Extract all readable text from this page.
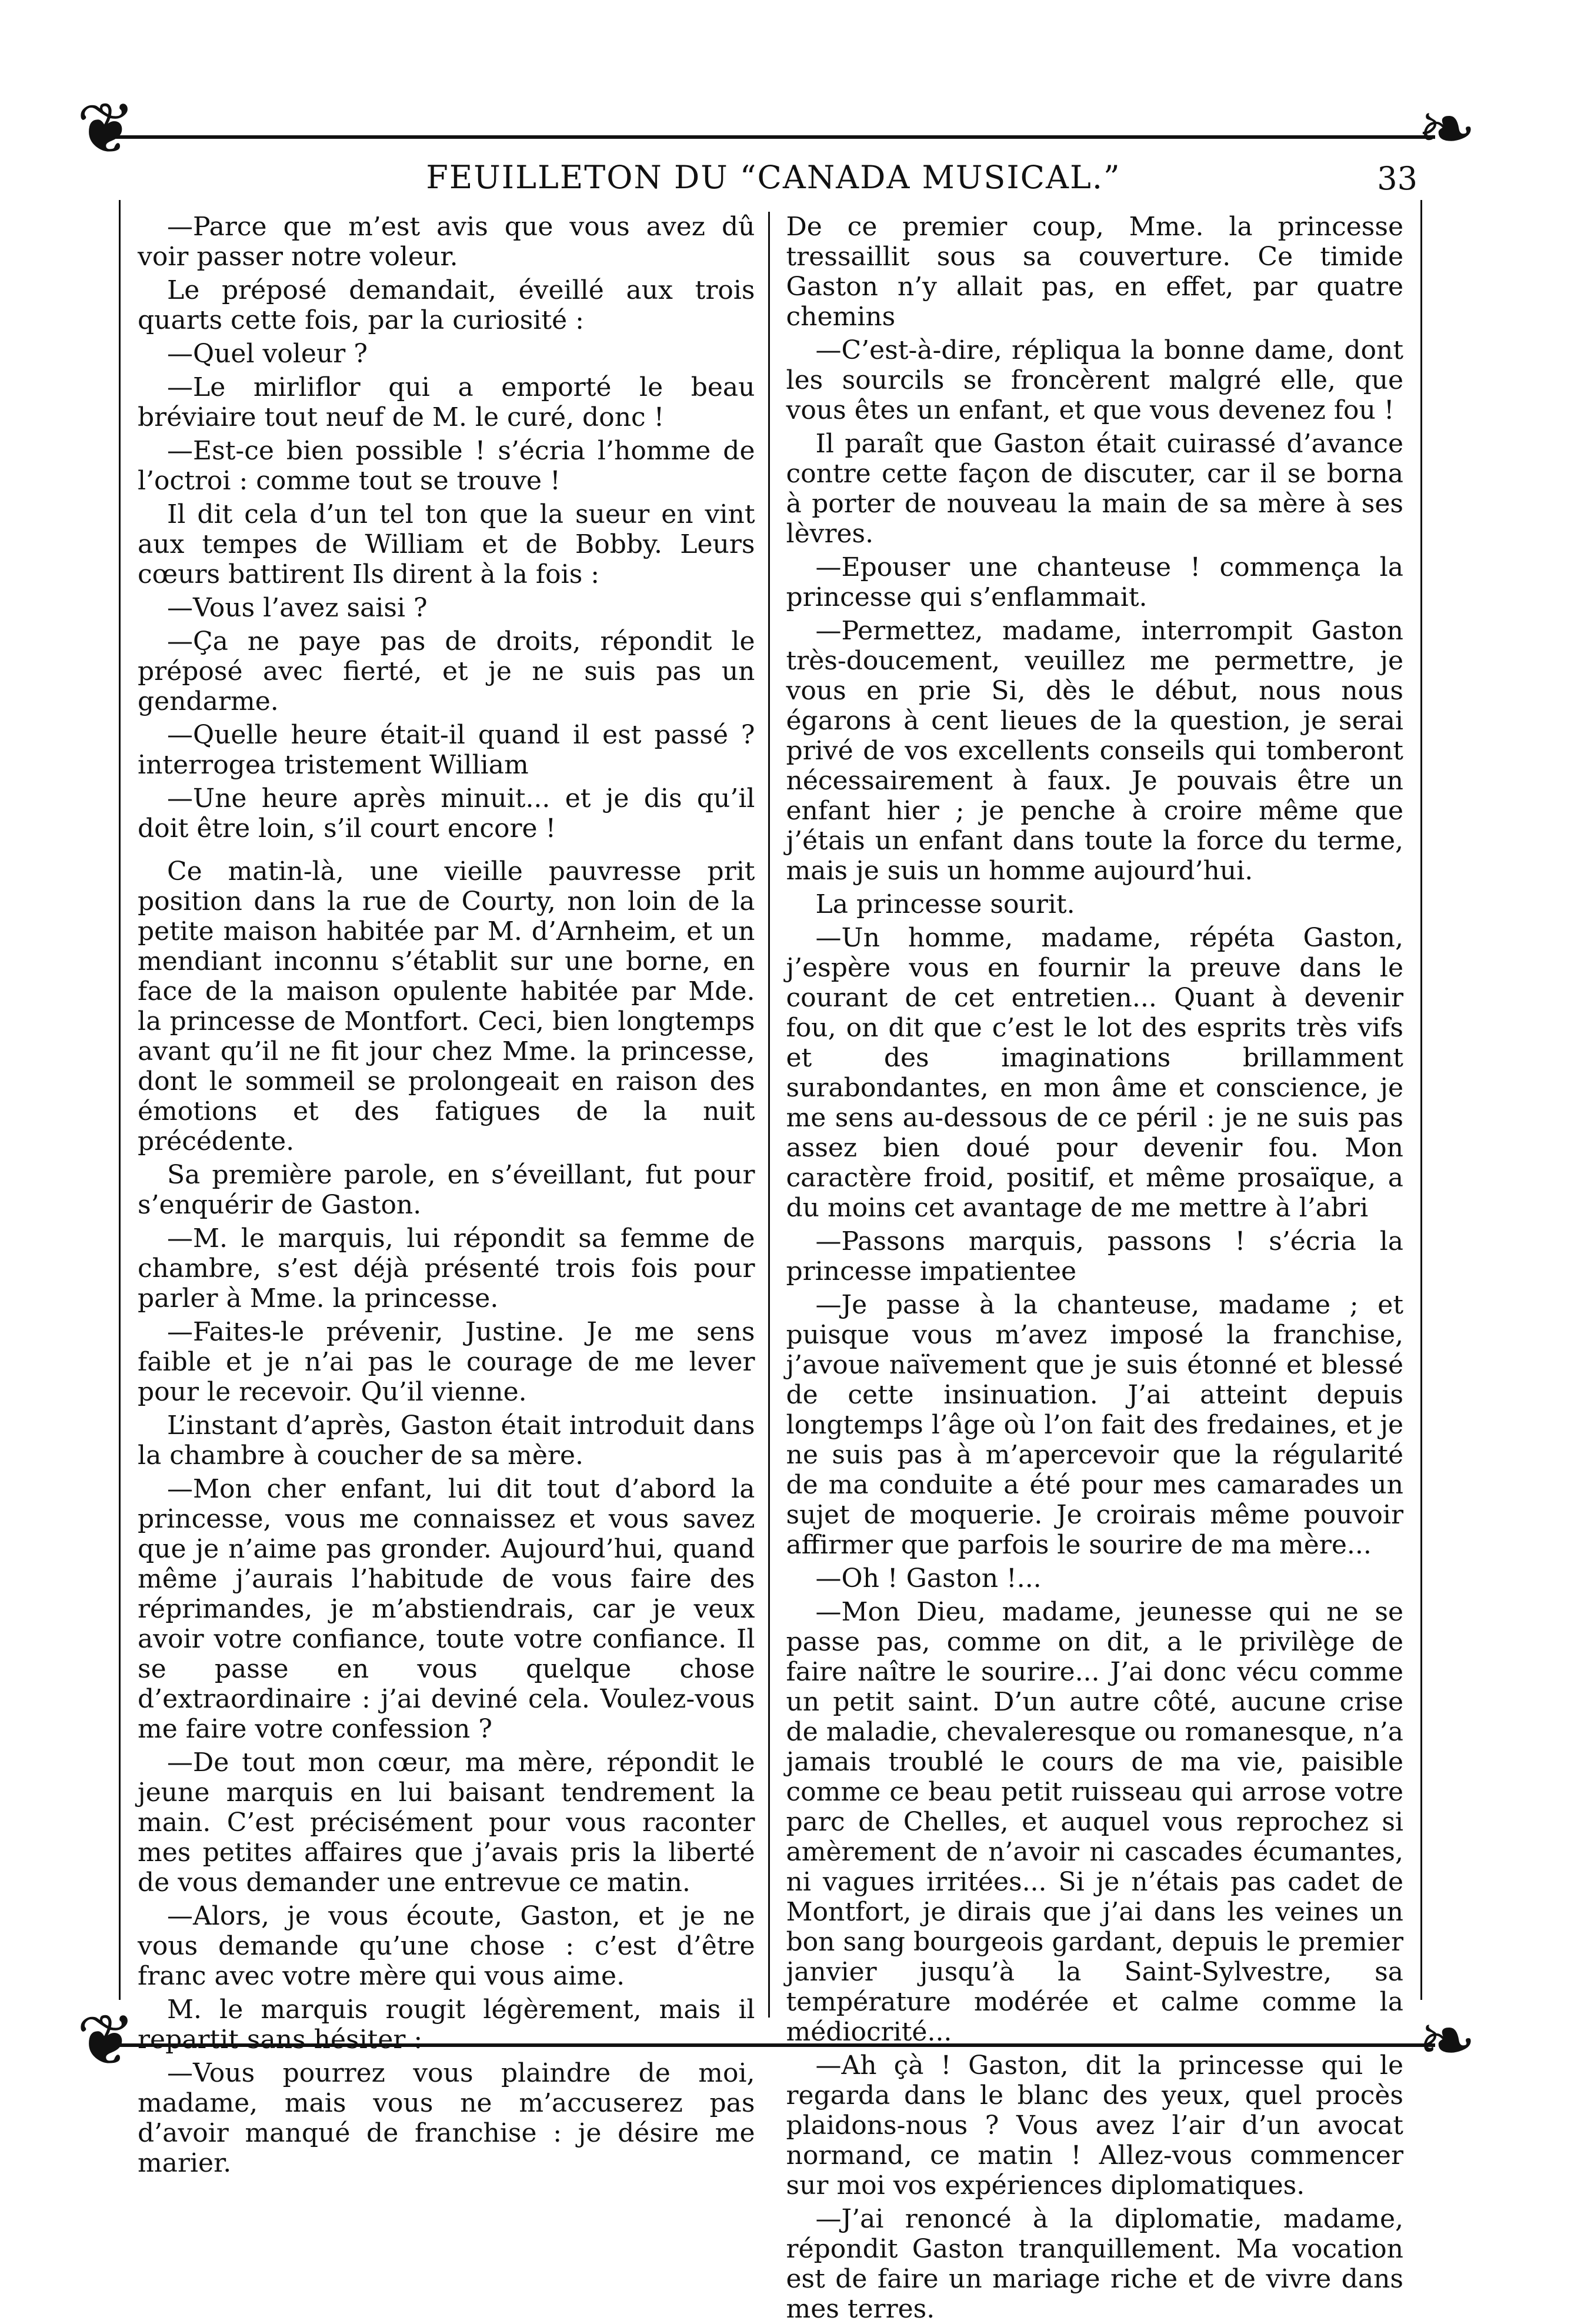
❦	❧
❦	❧
FEUILLETON DU “CANADA MUSICAL.”	33

—Parce que m’est avis que vous avez dû voir passer notre voleur.

Le préposé demandait, éveillé aux trois quarts cette fois, par la curiosité :

—Quel voleur ?

—Le mirliflor qui a emporté le beau bréviaire tout neuf de M. le curé, donc !

—Est-ce bien possible ! s’écria l’homme de l’octroi : comme tout se trouve !

Il dit cela d’un tel ton que la sueur en vint aux tempes de William et de Bobby. Leurs cœurs battirent Ils dirent à la fois :

—Vous l’avez saisi ?

—Ça ne paye pas de droits, répondit le préposé avec fierté, et je ne suis pas un gendarme.

—Quelle heure était-il quand il est passé ? interrogea tristement William

—Une heure après minuit... et je dis qu’il doit être loin, s’il court encore !

Ce matin-là, une vieille pauvresse prit position dans la rue de Courty, non loin de la petite maison habitée par M. d’Arnheim, et un mendiant inconnu s’établit sur une borne, en face de la maison opulente habitée par Mde. la princesse de Montfort. Ceci, bien longtemps avant qu’il ne fit jour chez Mme. la princesse, dont le sommeil se prolongeait en raison des émotions et des fatigues de la nuit précédente.

Sa première parole, en s’éveillant, fut pour s’enquérir de Gaston.

—M. le marquis, lui répondit sa femme de chambre, s’est déjà présenté trois fois pour parler à Mme. la princesse.

—Faites-le prévenir, Justine. Je me sens faible et je n’ai pas le courage de me lever pour le recevoir. Qu’il vienne.

L’instant d’après, Gaston était introduit dans la chambre à coucher de sa mère.

—Mon cher enfant, lui dit tout d’abord la princesse, vous me connaissez et vous savez que je n’aime pas gronder. Aujourd’hui, quand même j’aurais l’habitude de vous faire des réprimandes, je m’abstiendrais, car je veux avoir votre confiance, toute votre confiance. Il se passe en vous quelque chose d’extraordinaire : j’ai deviné cela. Voulez-vous me faire votre confession ?

—De tout mon cœur, ma mère, répondit le jeune marquis en lui baisant tendrement la main. C’est précisément pour vous raconter mes petites affaires que j’avais pris la liberté de vous demander une entrevue ce matin.

—Alors, je vous écoute, Gaston, et je ne vous demande qu’une chose : c’est d’être franc avec votre mère qui vous aime.

M. le marquis rougit légèrement, mais il repartit sans hésiter :

—Vous pourrez vous plaindre de moi, madame, mais vous ne m’accuserez pas d’avoir manqué de franchise : je désire me marier.

De ce premier coup, Mme. la princesse tressaillit sous sa couverture. Ce timide Gaston n’y allait pas, en effet, par quatre chemins

—C’est-à-dire, répliqua la bonne dame, dont les sourcils se froncèrent malgré elle, que vous êtes un enfant, et que vous devenez fou !

Il paraît que Gaston était cuirassé d’avance contre cette façon de discuter, car il se borna à porter de nouveau la main de sa mère à ses lèvres.

—Epouser une chanteuse ! commença la princesse qui s’enflammait.

—Permettez, madame, interrompit Gaston très-doucement, veuillez me permettre, je vous en prie Si, dès le début, nous nous égarons à cent lieues de la question, je serai privé de vos excellents conseils qui tomberont nécessairement à faux. Je pouvais être un enfant hier ; je penche à croire même que j’étais un enfant dans toute la force du terme, mais je suis un homme aujourd’hui.

La princesse sourit.

—Un homme, madame, répéta Gaston, j’espère vous en fournir la preuve dans le courant de cet entretien... Quant à devenir fou, on dit que c’est le lot des esprits très vifs et des imaginations brillamment surabondantes, en mon âme et conscience, je me sens au-dessous de ce péril : je ne suis pas assez bien doué pour devenir fou. Mon caractère froid, positif, et même prosaïque, a du moins cet avantage de me mettre à l’abri

—Passons marquis, passons ! s’écria la princesse impatientee

—Je passe à la chanteuse, madame ; et puisque vous m’avez imposé la franchise, j’avoue naïvement que je suis étonné et blessé de cette insinuation. J’ai atteint depuis longtemps l’âge où l’on fait des fredaines, et je ne suis pas à m’apercevoir que la régularité de ma conduite a été pour mes camarades un sujet de moquerie. Je croirais même pouvoir affirmer que parfois le sourire de ma mère...

—Oh ! Gaston !...

—Mon Dieu, madame, jeunesse qui ne se passe pas, comme on dit, a le privilège de faire naître le sourire... J’ai donc vécu comme un petit saint. D’un autre côté, aucune crise de maladie, chevaleresque ou romanesque, n’a jamais troublé le cours de ma vie, paisible comme ce beau petit ruisseau qui arrose votre parc de Chelles, et auquel vous reprochez si amèrement de n’avoir ni cascades écumantes, ni vagues irritées... Si je n’étais pas cadet de Montfort, je dirais que j’ai dans les veines un bon sang bourgeois gardant, depuis le premier janvier jusqu’à la Saint-Sylvestre, sa température modérée et calme comme la médiocrité...

—Ah çà ! Gaston, dit la princesse qui le regarda dans le blanc des yeux, quel procès plaidons-nous ? Vous avez l’air d’un avocat normand, ce matin ! Allez-vous commencer sur moi vos expériences diplomatiques.

—J’ai renoncé à la diplomatie, madame, répondit Gaston tranquillement. Ma vocation est de faire un mariage riche et de vivre dans mes terres.
